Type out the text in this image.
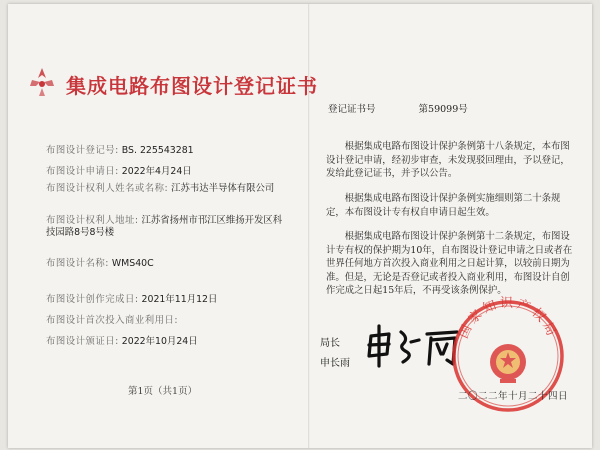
集成电路布图设计登记证书
布图设计登记号: BS. 225543281
布图设计申请日: 2022年4月24日
布图设计权利人姓名或名称: 江苏韦达半导体有限公司
布图设计权利人地址: 江苏省扬州市邗江区维扬开发区科技园路8号8号楼
布图设计名称: WMS40C
布图设计创作完成日: 2021年11月12日
布图设计首次投入商业利用日:
布图设计颁证日: 2022年10月24日
第1页（共1页）
登记证书号	第59099号

根据集成电路布图设计保护条例第十八条规定，本布图设计登记申请，经初步审查，未发现驳回理由，予以登记，发给此登记证书，并予以公告。

根据集成电路布图设计保护条例实施细则第二十条规定，本布图设计专有权自申请日起生效。

根据集成电路布图设计保护条例第十二条规定，布图设计专有权的保护期为10年，自布图设计登记申请之日或者在世界任何地方首次投入商业利用之日起计算，以较前日期为准。但是，无论是否登记或者投入商业利用，布图设计自创作完成之日起15年后，不再受该条例保护。

局长
申长雨
国家知识产权局
二〇二二年十月二十四日
